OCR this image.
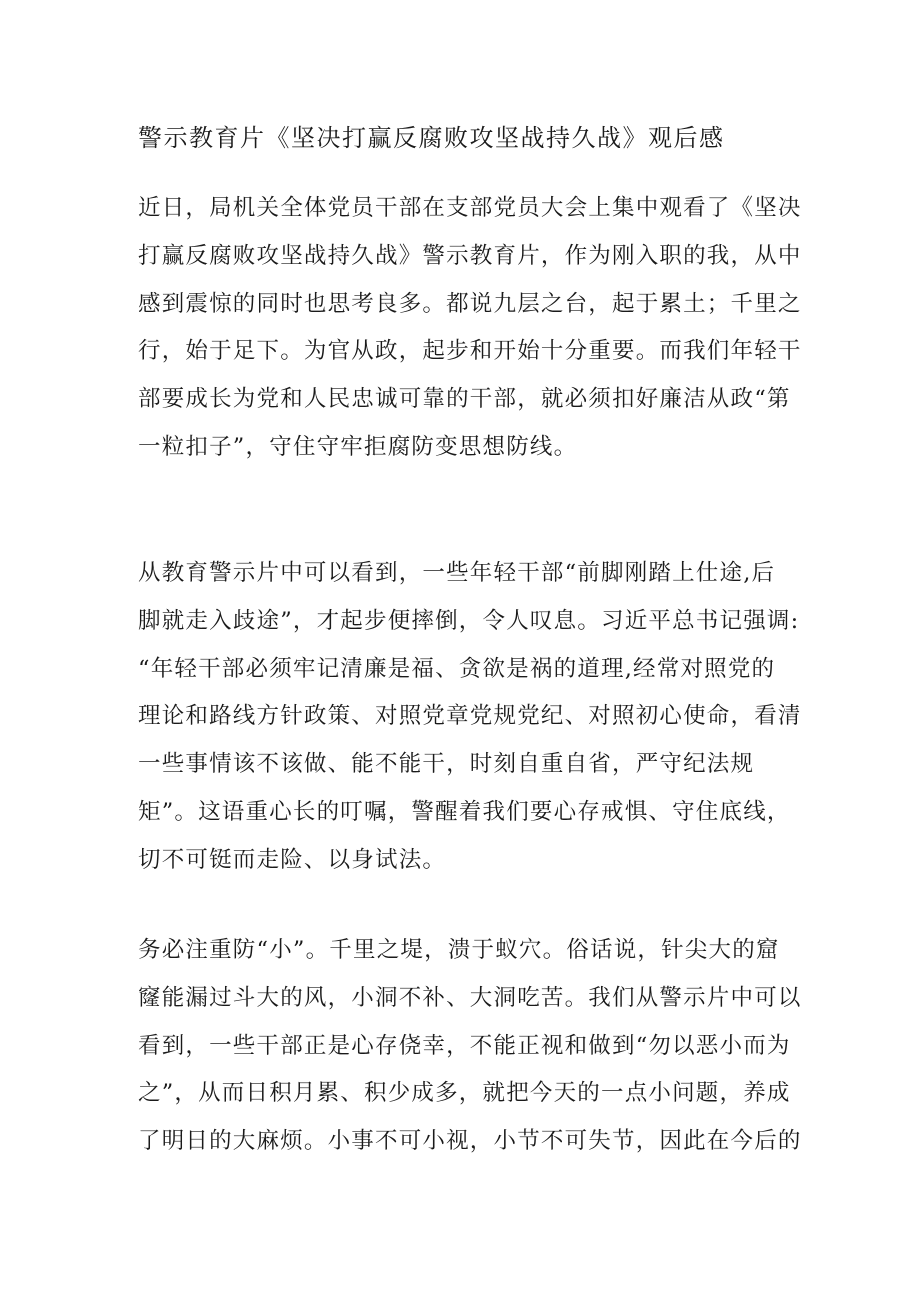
警示教育片《坚决打赢反腐败攻坚战持久战》观后感
近日，局机关全体党员干部在支部党员大会上集中观看了《坚决
打赢反腐败攻坚战持久战》警示教育片，作为刚入职的我，从中
感到震惊的同时也思考良多。都说九层之台，起于累土；千里之
行，始于足下。为官从政，起步和开始十分重要。而我们年轻干
部要成长为党和人民忠诚可靠的干部，就必须扣好廉洁从政“第
一粒扣子”，守住守牢拒腐防变思想防线。
从教育警示片中可以看到，一些年轻干部“前脚刚踏上仕途,后
脚就走入歧途”，才起步便摔倒，令人叹息。习近平总书记强调:
“年轻干部必须牢记清廉是福、贪欲是祸的道理,经常对照党的
理论和路线方针政策、对照党章党规党纪、对照初心使命，看清
一些事情该不该做、能不能干，时刻自重自省，严守纪法规
矩”。这语重心长的叮嘱，警醒着我们要心存戒惧、守住底线，
切不可铤而走险、以身试法。
务必注重防“小”。千里之堤，溃于蚁穴。俗话说，针尖大的窟
窿能漏过斗大的风，小洞不补、大洞吃苦。我们从警示片中可以
看到，一些干部正是心存侥幸，不能正视和做到“勿以恶小而为
之”，从而日积月累、积少成多，就把今天的一点小问题，养成
了明日的大麻烦。小事不可小视，小节不可失节，因此在今后的
